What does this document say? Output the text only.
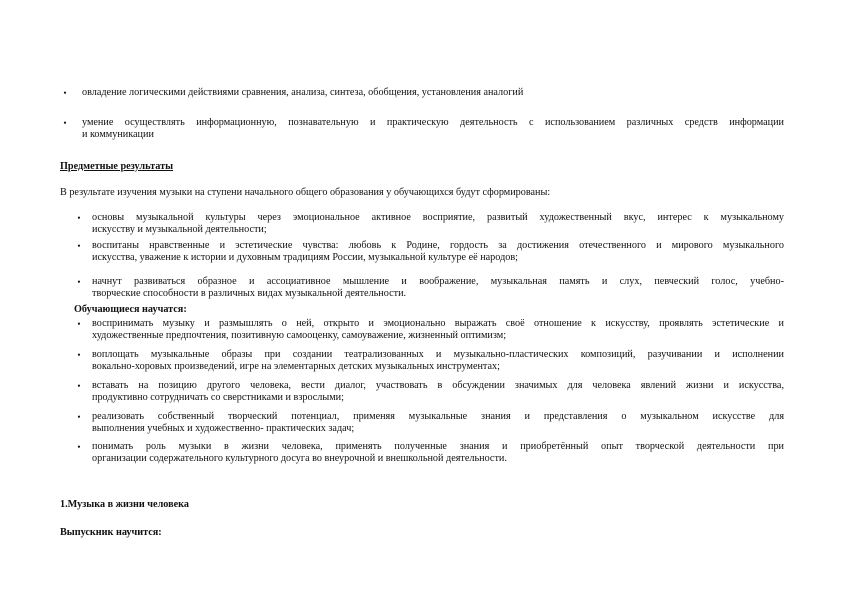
•	овладение логическими действиями сравнения, анализа, синтеза, обобщения, установления аналогий
•	умение осуществлять информационную, познавательную и практическую деятельность с использованием различных средств информации
и коммуникации
Предметные результаты
В результате изучения музыки на ступени начального общего образования у обучающихся будут сформированы:
•	основы музыкальной культуры через эмоциональное активное восприятие, развитый художественный вкус, интерес к музыкальному
искусству и музыкальной деятельности;
•	воспитаны нравственные и эстетические чувства: любовь к Родине, гордость за достижения отечественного и мирового музыкального
искусства, уважение к истории и духовным традициям России, музыкальной культуре её народов;
•	начнут развиваться образное и ассоциативное мышление и воображение, музыкальная память и слух, певческий голос, учебно-
творческие способности в различных видах музыкальной деятельности.
Обучающиеся научатся:
•	воспринимать музыку и размышлять о ней, открыто и эмоционально выражать своё отношение к искусству, проявлять эстетические и
художественные предпочтения, позитивную самооценку, самоуважение, жизненный оптимизм;
•	воплощать музыкальные образы при создании театрализованных и музыкально-пластических композиций, разучивании и исполнении
вокально-хоровых произведений, игре на элементарных детских музыкальных инструментах;
•	вставать на позицию другого человека, вести диалог, участвовать в обсуждении значимых для человека явлений жизни и искусства,
продуктивно сотрудничать со сверстниками и взрослыми;
•	реализовать собственный творческий потенциал, применяя музыкальные знания и представления о музыкальном искусстве для
выполнения учебных и художественно- практических задач;
•	понимать роль музыки в жизни человека, применять полученные знания и приобретённый опыт творческой деятельности при
организации содержательного культурного досуга во внеурочной и внешкольной деятельности.
1.Музыка в жизни человека
Выпускник научится:
